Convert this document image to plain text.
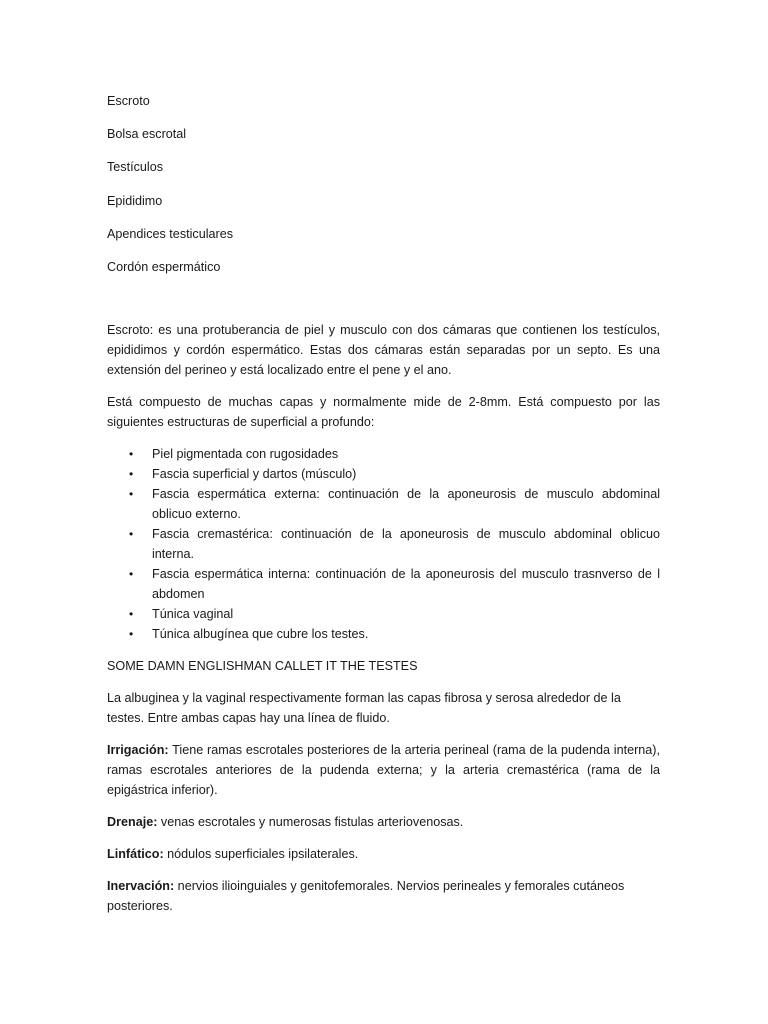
Escroto
Bolsa escrotal
Testículos
Epididimo
Apendices testiculares
Cordón espermático

Escroto: es una protuberancia de piel y musculo con dos cámaras que contienen los testículos, epididimos y cordón espermático. Estas dos cámaras están separadas por un septo. Es una extensión del perineo y está localizado entre el pene y el ano.

Está compuesto de muchas capas y normalmente mide de 2-8mm. Está compuesto por las siguientes estructuras de superficial a profundo:

• Piel pigmentada con rugosidades
• Fascia superficial y dartos (músculo)
• Fascia espermática externa: continuación de la aponeurosis de musculo abdominal oblicuo externo.
• Fascia cremastérica: continuación de la aponeurosis de musculo abdominal oblicuo interna.
• Fascia espermática interna: continuación de la aponeurosis del musculo trasnverso de l abdomen
• Túnica vaginal
• Túnica albugínea que cubre los testes.

SOME DAMN ENGLISHMAN CALLET IT THE TESTES

La albuginea y la vaginal respectivamente forman las capas fibrosa y serosa alrededor de la testes. Entre ambas capas hay una línea de fluido.

Irrigación: Tiene ramas escrotales posteriores de la arteria perineal (rama de la pudenda interna), ramas escrotales anteriores de la pudenda externa; y la arteria cremastérica (rama de la epigástrica inferior).

Drenaje: venas escrotales y numerosas fistulas arteriovenosas.

Linfático: nódulos superficiales ipsilaterales.

Inervación: nervios ilioinguiales y genitofemorales. Nervios perineales y femorales cutáneos posteriores.
